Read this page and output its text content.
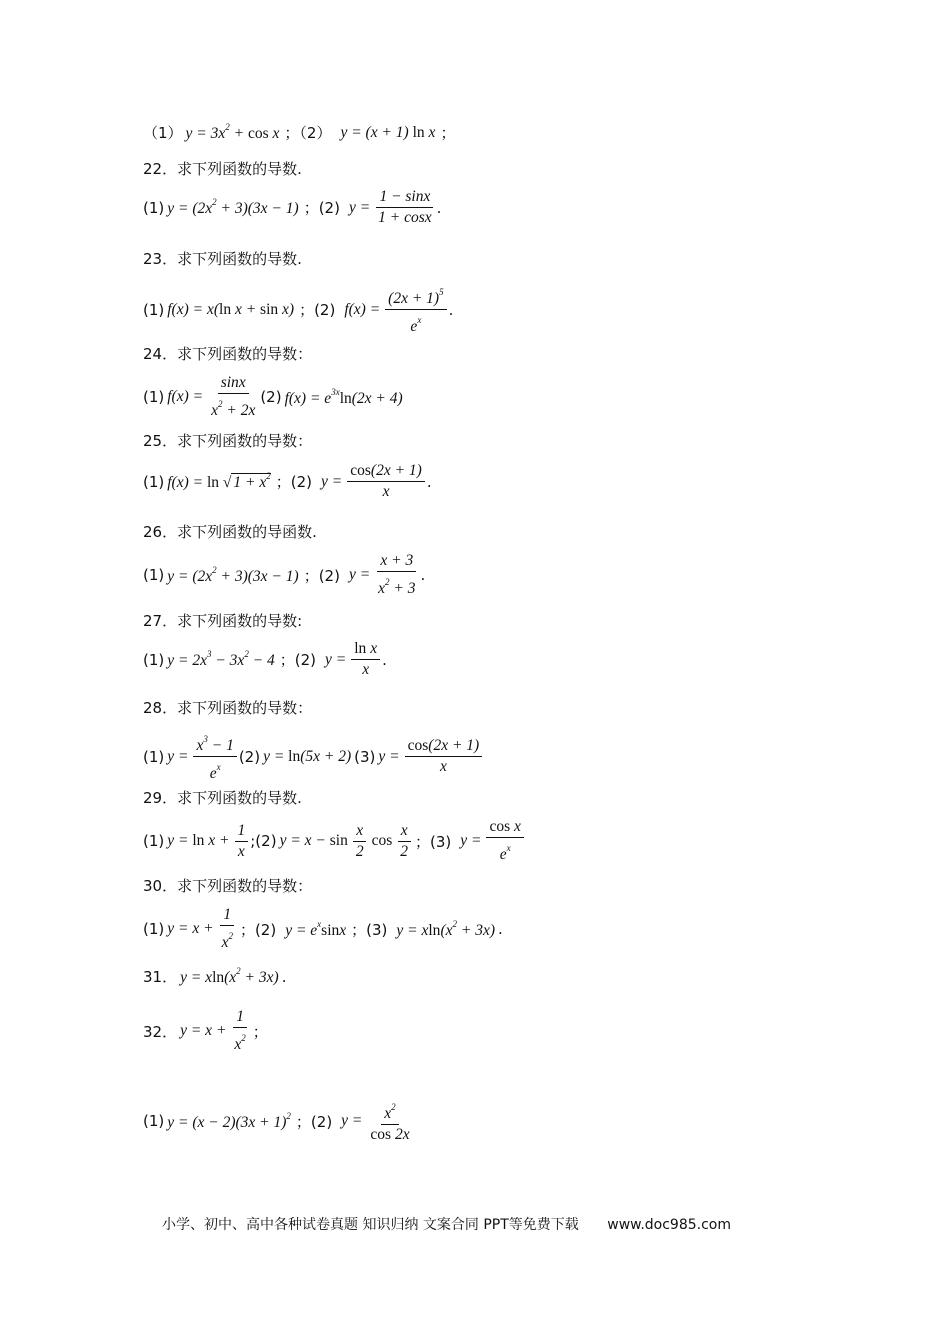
（1） $y = 3x^2 + \cos x$ ；（2） y = (x + 1) ln x ；
22．求下列函数的导数.
(1) $y = (2x^2 + 3)(3x - 1)$ ；(2) $y = \frac{1 - \sin x}{1 + \cos x}$ .
23．求下列函数的导数.
(1) f(x) = x(ln x + sin x) ；(2) $f(x) = \frac{(2x + 1)^5}{e^x}$ .
24．求下列函数的导数：
(1) $f(x) = \frac{\sin x}{x^2 + 2x} (2) f(x) = e^{3x}\ln(2x + 4)$
25．求下列函数的导数：
(1) f(x) = ln √ $1 + x^2$ ；(2) $y = \frac{\cos(2x + 1)}{x}$ .
26．求下列函数的导函数.
(1) $y = (2x^2 + 3)(3x - 1)$ ；(2) $y = \frac{x + 3}{x^2 + 3}$ .
27．求下列函数的导数:
(1) $y = 2x^3 - 3x^2 - 4$ ；(2) $y = \frac{\text{ln x}}{x}$ .
28．求下列函数的导数：
(1) $y = \frac{x^3 - 1}{e^x} (2) y = \ln(5x + 2)$ (3) $y = \frac{\cos(2x + 1)}{x}$
29．求下列函数的导数.
(1) $y = \ln x + \frac{1}{x}$ ;(2) $y = x - \sin \frac{x}{2}$ $\cos \frac{x}{2}$ ；(3) $y = \frac{\text{cos x}}{e^x}$
30．求下列函数的导数：
(1) $y = x + \frac{1}{x^2}$ ；(2) $y = e^x\sin x$ ；(3) $y = xln(x^2 + 3x)$ .
31． $y = xln(x^2 + 3x)$ .
32． $y = x + \frac{1}{x^2}$ ；
(1) $y = (x - 2)(3x + 1)^2$ ；(2) $y = \frac{x^2}{\cos 2x}$
小学、初中、高中各种试卷真题 知识归纳 文案合同 PPT等免费下载 www.doc985.com
